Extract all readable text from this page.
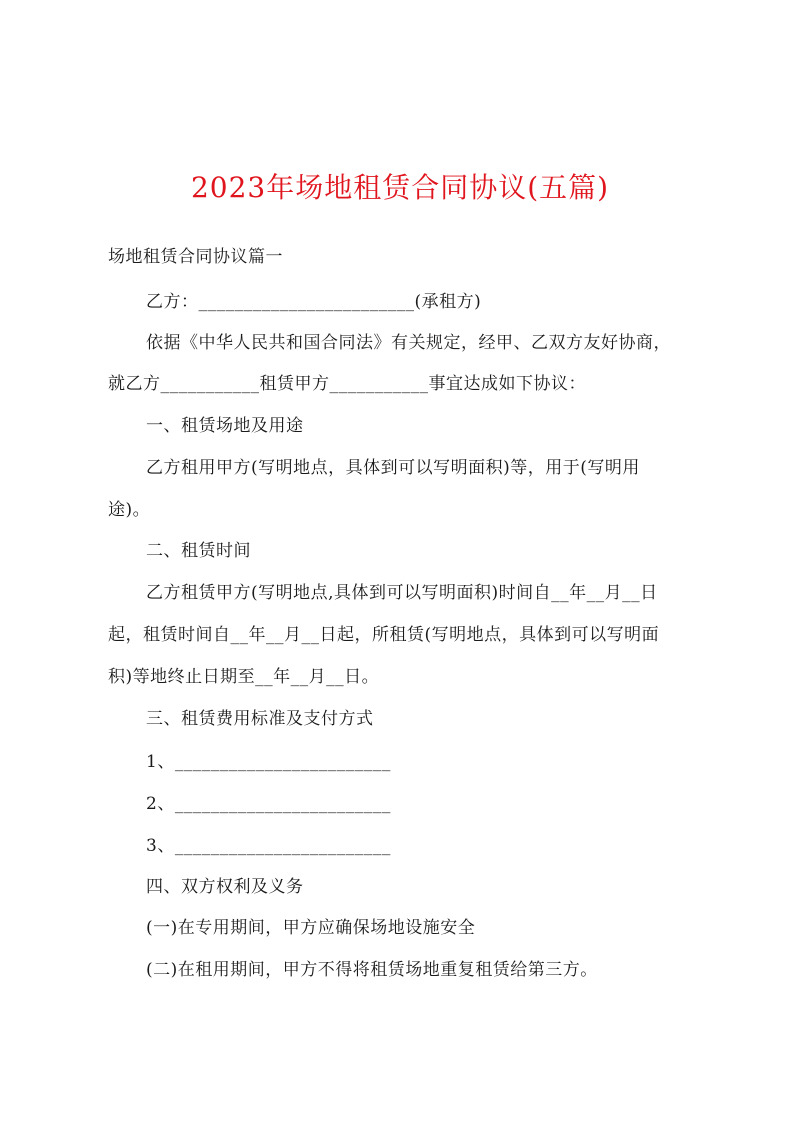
2023年场地租赁合同协议(五篇)
场地租赁合同协议篇一
乙方：________________________(承租方)
依据《中华人民共和国合同法》有关规定，经甲、乙双方友好协商，
就乙方___________租赁甲方___________事宜达成如下协议：
一、租赁场地及用途
乙方租用甲方(写明地点，具体到可以写明面积)等，用于(写明用
途)。
二、租赁时间
乙方租赁甲方(写明地点,具体到可以写明面积)时间自__年__月__日
起，租赁时间自__年__月__日起，所租赁(写明地点，具体到可以写明面
积)等地终止日期至__年__月__日。
三、租赁费用标准及支付方式
1、________________________
2、________________________
3、________________________
四、双方权利及义务
(一)在专用期间，甲方应确保场地设施安全
(二)在租用期间，甲方不得将租赁场地重复租赁给第三方。
